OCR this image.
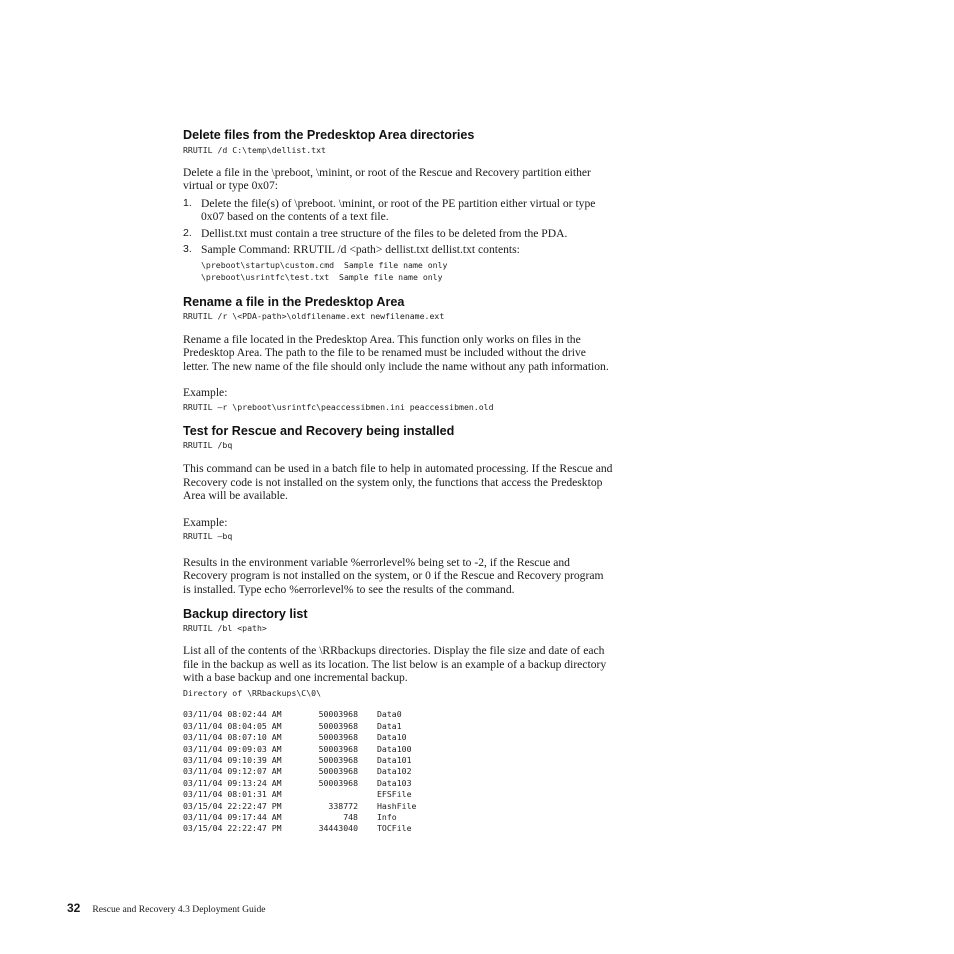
Delete files from the Predesktop Area directories
RRUTIL /d C:\temp\dellist.txt

Delete a file in the \preboot, \minint, or root of the Rescue and Recovery partition either virtual or type 0x07:

1. Delete the file(s) of \preboot. \minint, or root of the PE partition either virtual or type 0x07 based on the contents of a text file.
2. Dellist.txt must contain a tree structure of the files to be deleted from the PDA.
3. Sample Command: RRUTIL /d <path> dellist.txt dellist.txt contents:
\preboot\startup\custom.cmd  Sample file name only
\preboot\usrintfc\test.txt  Sample file name only
Rename a file in the Predesktop Area
RRUTIL /r \<PDA-path>\oldfilename.ext newfilename.ext

Rename a file located in the Predesktop Area. This function only works on files in the Predesktop Area. The path to the file to be renamed must be included without the drive letter. The new name of the file should only include the name without any path information.

Example:

RRUTIL –r \preboot\usrintfc\peaccessibmen.ini peaccessibmen.old
Test for Rescue and Recovery being installed
RRUTIL /bq

This command can be used in a batch file to help in automated processing. If the Rescue and Recovery code is not installed on the system only, the functions that access the Predesktop Area will be available.

Example:

RRUTIL –bq

Results in the environment variable %errorlevel% being set to -2, if the Rescue and Recovery program is not installed on the system, or 0 if the Rescue and Recovery program is installed. Type echo %errorlevel% to see the results of the command.

Backup directory list
RRUTIL /bl <path>

List all of the contents of the \RRbackups directories. Display the file size and date of each file in the backup as well as its location. The list below is an example of a backup directory with a base backup and one incremental backup.

Directory of \RRbackups\C\0\
03/11/04 08:02:44 AM	50003968	Data0
03/11/04 08:04:05 AM	50003968	Data1
03/11/04 08:07:10 AM	50003968	Data10
03/11/04 09:09:03 AM	50003968	Data100
03/11/04 09:10:39 AM	50003968	Data101
03/11/04 09:12:07 AM	50003968	Data102
03/11/04 09:13:24 AM	50003968	Data103
03/11/04 08:01:31 AM		EFSFile
03/15/04 22:22:47 PM	338772	HashFile
03/11/04 09:17:44 AM	748	Info
03/15/04 22:22:47 PM	34443040	TOCFile
32 Rescue and Recovery 4.3 Deployment Guide
